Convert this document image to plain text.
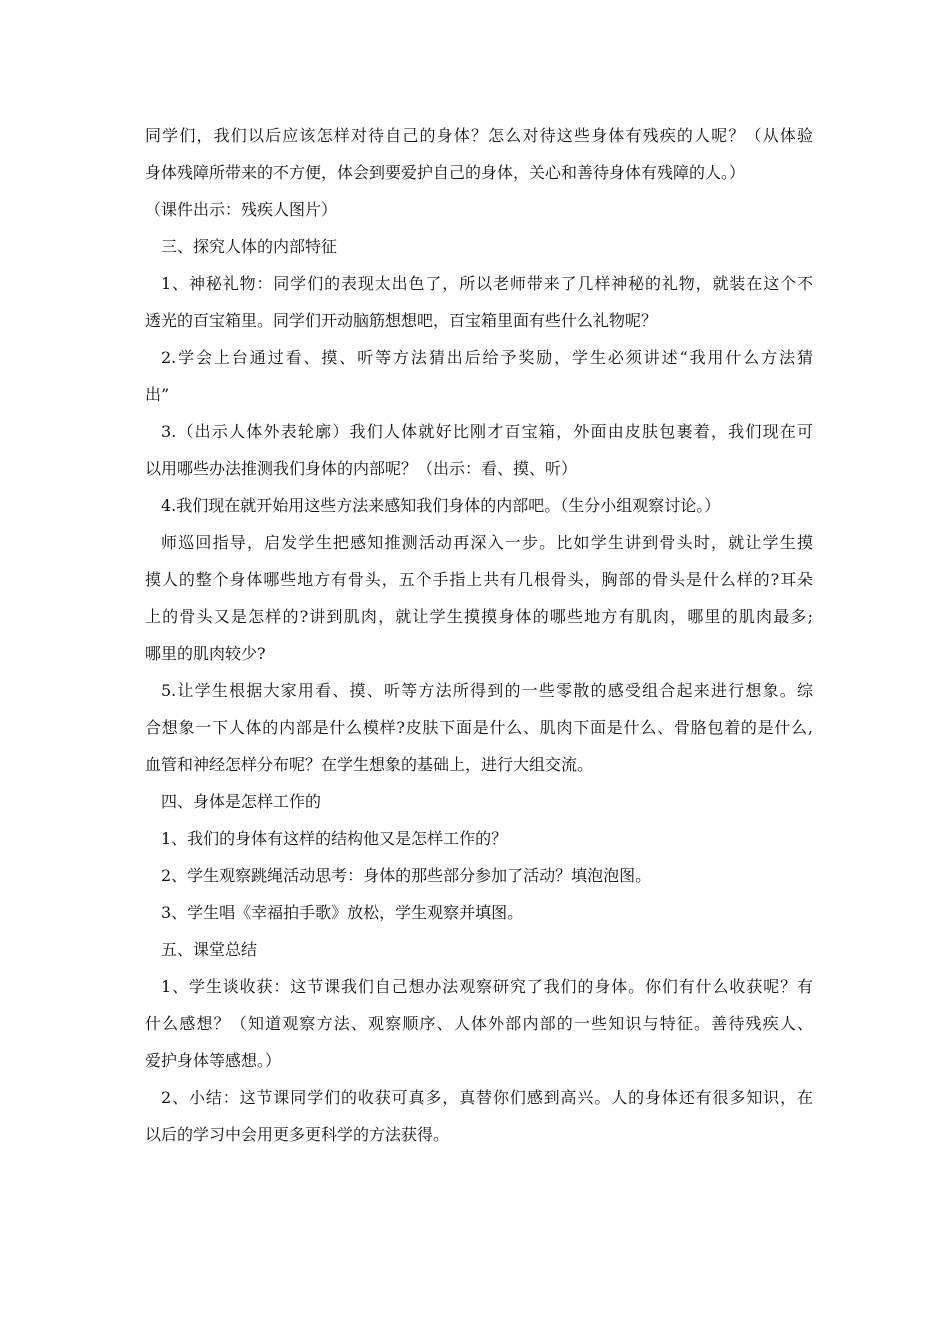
同学们，我们以后应该怎样对待自己的身体？怎么对待这些身体有残疾的人呢？（从体验
身体残障所带来的不方便，体会到要爱护自己的身体，关心和善待身体有残障的人。）
（课件出示：残疾人图片）
三、探究人体的内部特征
1、神秘礼物：同学们的表现太出色了，所以老师带来了几样神秘的礼物，就装在这个不
透光的百宝箱里。同学们开动脑筋想想吧，百宝箱里面有些什么礼物呢？
2.学会上台通过看、摸、听等方法猜出后给予奖励，学生必须讲述“我用什么方法猜
出”
3.（出示人体外表轮廓）我们人体就好比刚才百宝箱，外面由皮肤包裹着，我们现在可
以用哪些办法推测我们身体的内部呢？（出示：看、摸、听）
4.我们现在就开始用这些方法来感知我们身体的内部吧。（生分小组观察讨论。）
师巡回指导，启发学生把感知推测活动再深入一步。比如学生讲到骨头时，就让学生摸
摸人的整个身体哪些地方有骨头，五个手指上共有几根骨头，胸部的骨头是什么样的?耳朵
上的骨头又是怎样的?讲到肌肉，就让学生摸摸身体的哪些地方有肌肉，哪里的肌肉最多;
哪里的肌肉较少?
5.让学生根据大家用看、摸、听等方法所得到的一些零散的感受组合起来进行想象。综
合想象一下人体的内部是什么模样?皮肤下面是什么、肌肉下面是什么、骨胳包着的是什么,
血管和神经怎样分布呢？在学生想象的基础上，进行大组交流。
四、身体是怎样工作的
1、我们的身体有这样的结构他又是怎样工作的？
2、学生观察跳绳活动思考：身体的那些部分参加了活动？填泡泡图。
3、学生唱《幸福拍手歌》放松，学生观察并填图。
五、课堂总结
1、学生谈收获：这节课我们自己想办法观察研究了我们的身体。你们有什么收获呢？有
什么感想？（知道观察方法、观察顺序、人体外部内部的一些知识与特征。善待残疾人、
爱护身体等感想。）
2、小结：这节课同学们的收获可真多，真替你们感到高兴。人的身体还有很多知识，在
以后的学习中会用更多更科学的方法获得。
